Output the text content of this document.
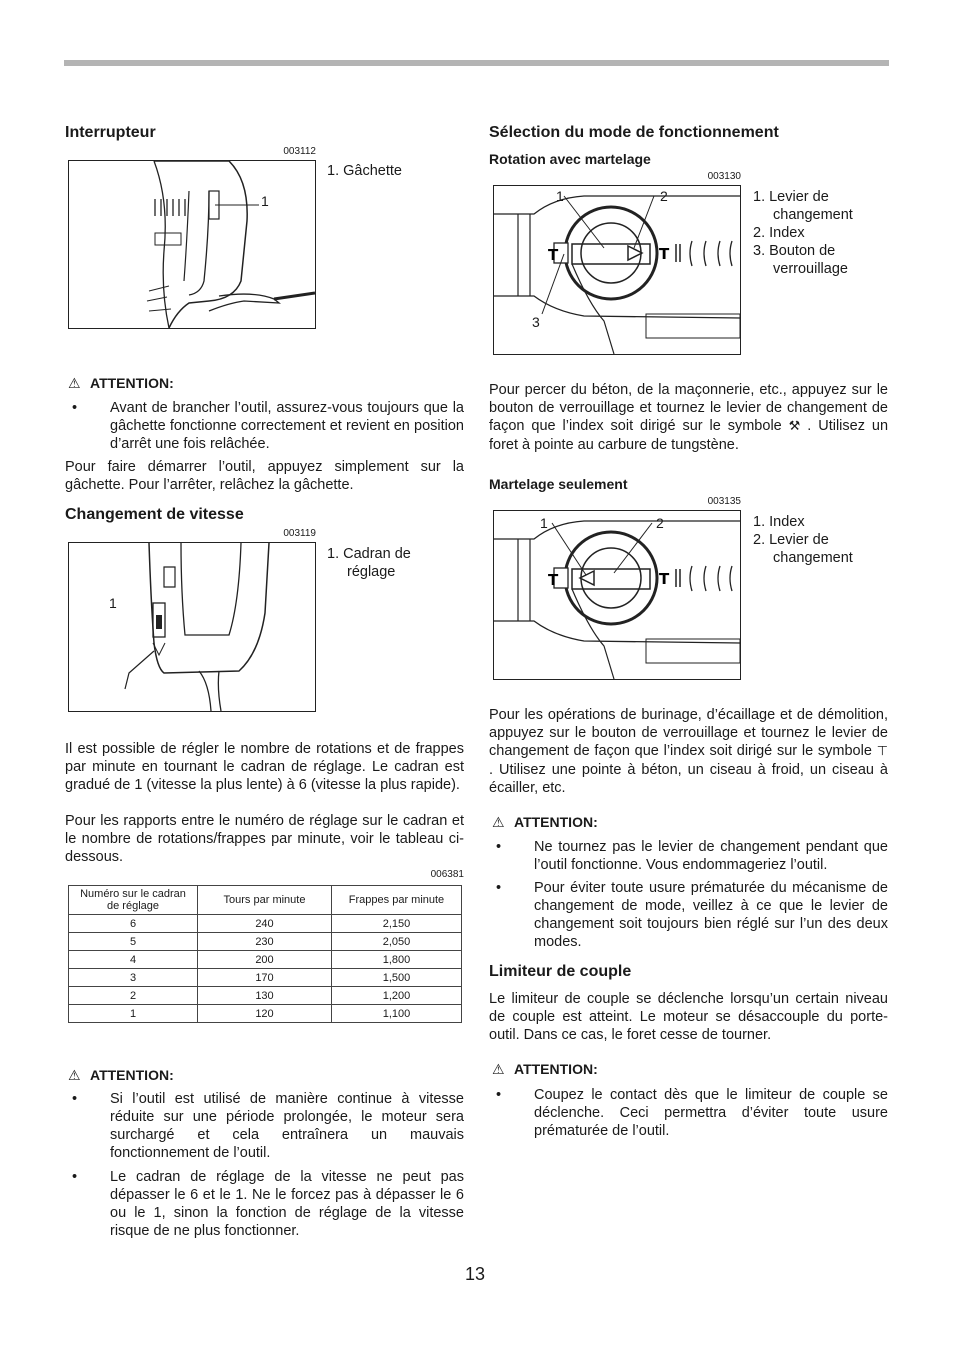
Interrupteur
003112
1
1. Gâchette
⚠ ATTENTION:
• Avant de brancher l’outil, assurez-vous toujours que la gâchette fonctionne correctement et revient en position d’arrêt une fois relâchée.
Pour faire démarrer l’outil, appuyez simplement sur la gâchette. Pour l’arrêter, relâchez la gâchette.
Changement de vitesse
003119
1
1. Cadran de réglage
Il est possible de régler le nombre de rotations et de frappes par minute en tournant le cadran de réglage. Le cadran est gradué de 1 (vitesse la plus lente) à 6 (vitesse la plus rapide).
Pour les rapports entre le numéro de réglage sur le cadran et le nombre de rotations/frappes par minute, voir le tableau ci-dessous.
006381
Numéro sur le cadran de réglage	Tours par minute	Frappes par minute
6	240	2,150
5	230	2,050
4	200	1,800
3	170	1,500
2	130	1,200
1	120	1,100
⚠ ATTENTION:
• Si l’outil est utilisé de manière continue à vitesse réduite sur une période prolongée, le moteur sera surchargé et cela entraînera un mauvais fonctionnement de l’outil.
• Le cadran de réglage de la vitesse ne peut pas dépasser le 6 et le 1. Ne le forcez pas à dépasser le 6 ou le 1, sinon la fonction de réglage de la vitesse risque de ne plus fonctionner.
Sélection du mode de fonctionnement
Rotation avec martelage
003130
T	T
1	2
3
1. Levier de changement
2. Index
3. Bouton de verrouillage
Pour percer du béton, de la maçonnerie, etc., appuyez sur le bouton de verrouillage et tournez le levier de changement de façon que l’index soit dirigé sur le symbole ⚒ . Utilisez un foret à pointe au carbure de tungstène.
Martelage seulement
003135
T	T
1	2	1. Index
2. Levier de changement
Pour les opérations de burinage, d’écaillage et de démolition, appuyez sur le bouton de verrouillage et tournez le levier de changement de façon que l’index soit dirigé sur le symbole ⊤ . Utilisez une pointe à béton, un ciseau à froid, un ciseau à écailler, etc.
⚠ ATTENTION:
• Ne tournez pas le levier de changement pendant que l’outil fonctionne. Vous endommageriez l’outil.
• Pour éviter toute usure prématurée du mécanisme de changement de mode, veillez à ce que le levier de changement soit toujours bien réglé sur l’un des deux modes.
Limiteur de couple
Le limiteur de couple se déclenche lorsqu’un certain niveau de couple est atteint. Le moteur se désaccouple du porte-outil. Dans ce cas, le foret cesse de tourner.
⚠ ATTENTION:
• Coupez le contact dès que le limiteur de couple se déclenche. Ceci permettra d’éviter toute usure prématurée de l’outil.
13
